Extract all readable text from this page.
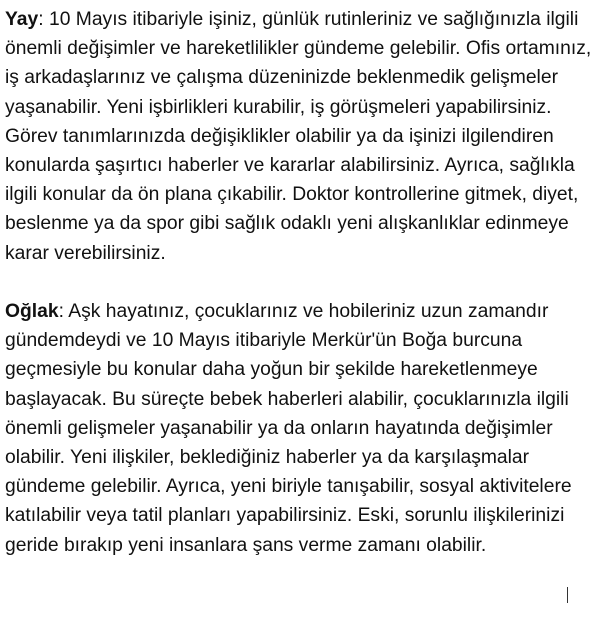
Yay: 10 Mayıs itibariyle işiniz, günlük rutinleriniz ve sağlığınızla ilgili önemli değişimler ve hareketlilikler gündeme gelebilir. Ofis ortamınız, iş arkadaşlarınız ve çalışma düzeninizde beklenmedik gelişmeler yaşanabilir. Yeni işbirlikleri kurabilir, iş görüşmeleri yapabilirsiniz. Görev tanımlarınızda değişiklikler olabilir ya da işinizi ilgilendiren konularda şaşırtıcı haberler ve kararlar alabilirsiniz. Ayrıca, sağlıkla ilgili konular da ön plana çıkabilir. Doktor kontrollerine gitmek, diyet, beslenme ya da spor gibi sağlık odaklı yeni alışkanlıklar edinmeye karar verebilirsiniz.

Oğlak: Aşk hayatınız, çocuklarınız ve hobileriniz uzun zamandır gündemdeydi ve 10 Mayıs itibariyle Merkür'ün Boğa burcuna geçmesiyle bu konular daha yoğun bir şekilde hareketlenmeye başlayacak. Bu süreçte bebek haberleri alabilir, çocuklarınızla ilgili önemli gelişmeler yaşanabilir ya da onların hayatında değişimler olabilir. Yeni ilişkiler, beklediğiniz haberler ya da karşılaşmalar gündeme gelebilir. Ayrıca, yeni biriyle tanışabilir, sosyal aktivitelere katılabilir veya tatil planları yapabilirsiniz. Eski, sorunlu ilişkilerinizi geride bırakıp yeni insanlara şans verme zamanı olabilir.
